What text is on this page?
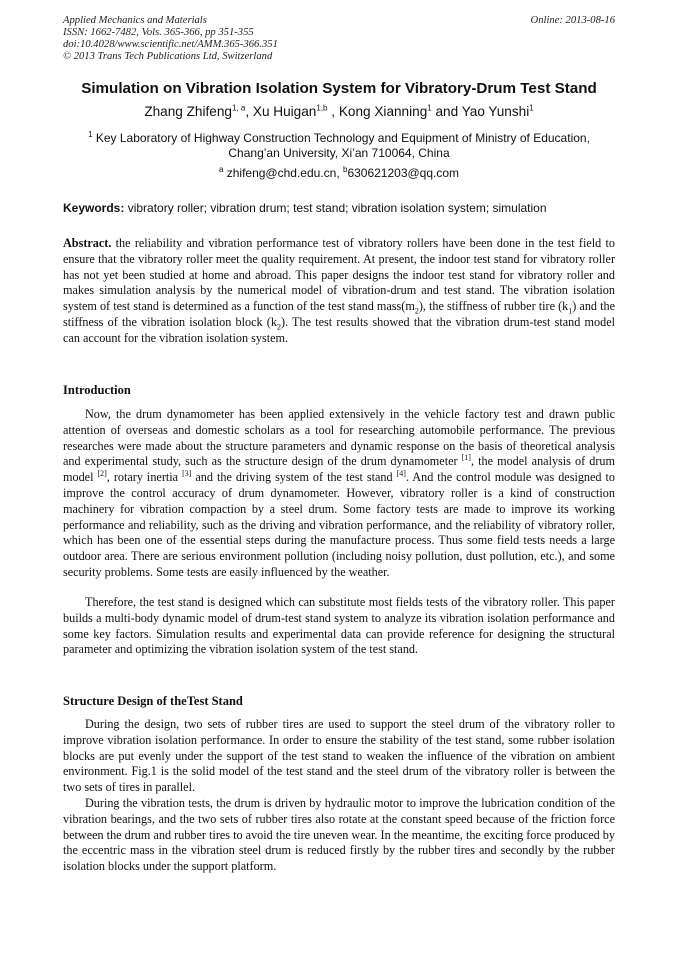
Applied Mechanics and Materials
ISSN: 1662-7482, Vols. 365-366, pp 351-355
doi:10.4028/www.scientific.net/AMM.365-366.351
© 2013 Trans Tech Publications Ltd, Switzerland
Online: 2013-08-16
Simulation on Vibration Isolation System for Vibratory-Drum Test Stand
Zhang Zhifeng$^{1, a}$, Xu Huigan$^{1,b}$ , Kong Xianning$^1$ and Yao Yunshi$^1$
$^1$ Key Laboratory of Highway Construction Technology and Equipment of Ministry of Education,
Chang’an University, Xi’an 710064, China
$^a$ zhifeng@chd.edu.cn, $^b$630621203@qq.com
Keywords: vibratory roller; vibration drum; test stand; vibration isolation system; simulation
Abstract. the reliability and vibration performance test of vibratory rollers have been done in the test field to ensure that the vibratory roller meet the quality requirement. At present, the indoor test stand for vibratory roller has not yet been studied at home and abroad. This paper designs the indoor test stand for vibratory roller and makes simulation analysis by the numerical model of vibration-drum and test stand. The vibration isolation system of test stand is determined as a function of the test stand $mass(m_2)$, the stiffness of rubber tire $(k_1)$ and the stiffness of the vibration isolation block $(k_2)$. The test results showed that the vibration drum-test stand model can account for the vibration isolation system.
Introduction
Now, the drum dynamometer has been applied extensively in the vehicle factory test and drawn public attention of overseas and domestic scholars as a tool for researching automobile performance. The previous researches were made about the structure parameters and dynamic response on the basis of theoretical analysis and experimental study, such as the structure design of the drum dynamometer [1], the model analysis of drum model [2], rotary inertia [3] and the driving system of the test stand [4]. And the control module was designed to improve the control accuracy of drum dynamometer. However, vibratory roller is a kind of construction machinery for vibration compaction by a steel drum. Some factory tests are made to improve its working performance and reliability, such as the driving and vibration performance, and the reliability of vibratory roller, which has been one of the essential steps during the manufacture process. Thus some field tests needs a large outdoor area. There are serious environment pollution (including noisy pollution, dust pollution, etc.), and some security problems. Some tests are easily influenced by the weather.
Therefore, the test stand is designed which can substitute most fields tests of the vibratory roller. This paper builds a multi-body dynamic model of drum-test stand system to analyze its vibration isolation performance and some key factors. Simulation results and experimental data can provide reference for designing the structural parameter and optimizing the vibration isolation system of the test stand.
Structure Design of theTest Stand
During the design, two sets of rubber tires are used to support the steel drum of the vibratory roller to improve vibration isolation performance. In order to ensure the stability of the test stand, some rubber isolation blocks are put evenly under the support of the test stand to weaken the influence of the vibration on ambient environment. Fig.1 is the solid model of the test stand and the steel drum of the vibratory roller is between the two sets of tires in parallel.
During the vibration tests, the drum is driven by hydraulic motor to improve the lubrication condition of the vibration bearings, and the two sets of rubber tires also rotate at the constant speed because of the friction force between the drum and rubber tires to avoid the tire uneven wear. In the meantime, the exciting force produced by the eccentric mass in the vibration steel drum is reduced firstly by the rubber tires and secondly by the rubber isolation blocks under the support platform.
